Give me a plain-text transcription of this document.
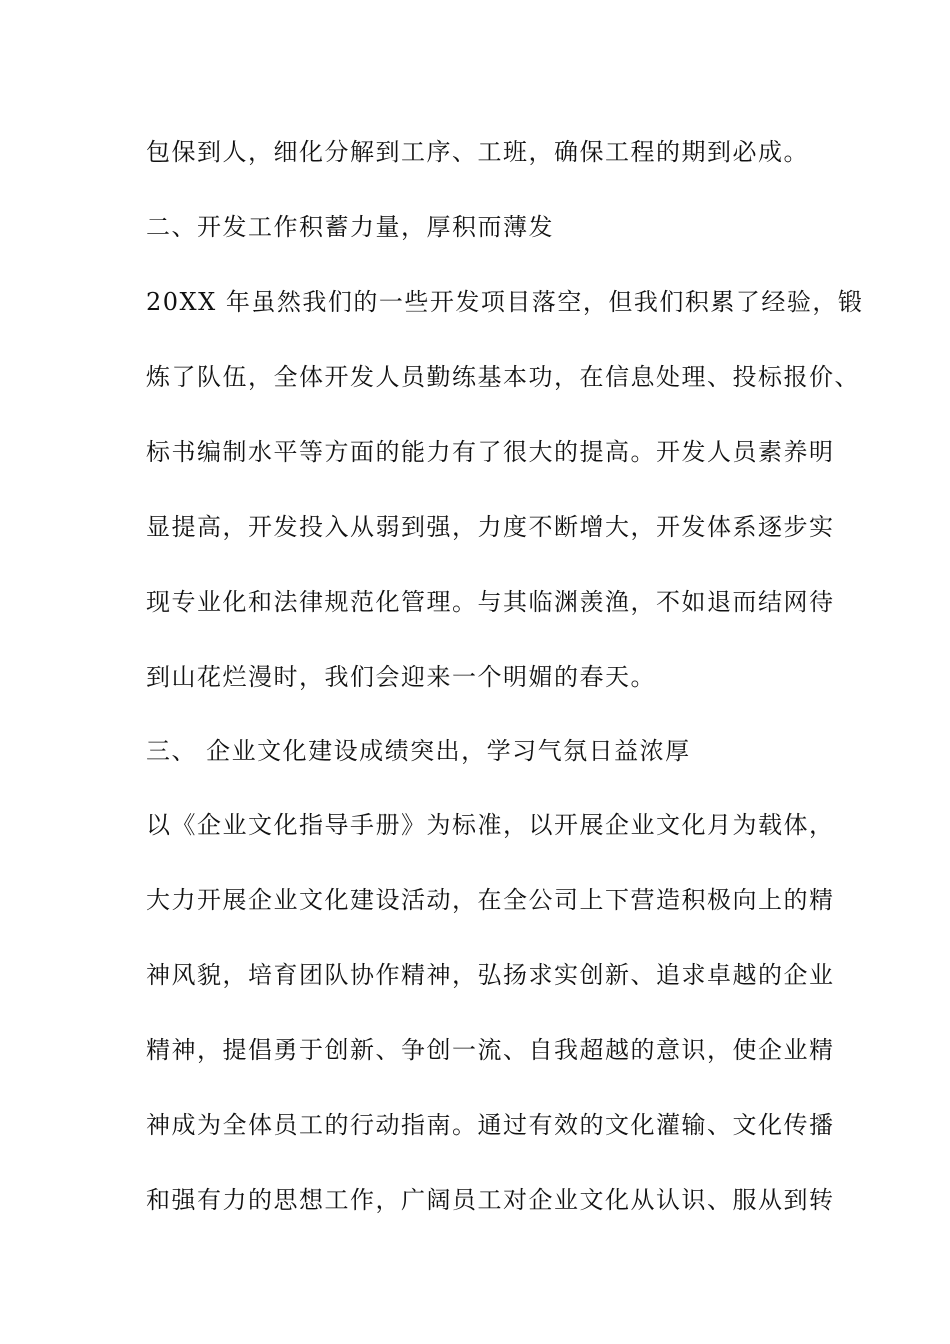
包保到人，细化分解到工序、工班，确保工程的期到必成。

二、开发工作积蓄力量，厚积而薄发

20XX 年虽然我们的一些开发项目落空，但我们积累了经验，锻

炼了队伍，全体开发人员勤练基本功，在信息处理、投标报价、

标书编制水平等方面的能力有了很大的提高。开发人员素养明

显提高，开发投入从弱到强，力度不断增大，开发体系逐步实

现专业化和法律规范化管理。与其临渊羡渔，不如退而结网待

到山花烂漫时，我们会迎来一个明媚的春天。

三、 企业文化建设成绩突出，学习气氛日益浓厚

以《企业文化指导手册》为标准，以开展企业文化月为载体，

大力开展企业文化建设活动，在全公司上下营造积极向上的精

神风貌，培育团队协作精神，弘扬求实创新、追求卓越的企业

精神，提倡勇于创新、争创一流、自我超越的意识，使企业精

神成为全体员工的行动指南。通过有效的文化灌输、文化传播

和强有力的思想工作，广阔员工对企业文化从认识、服从到转
